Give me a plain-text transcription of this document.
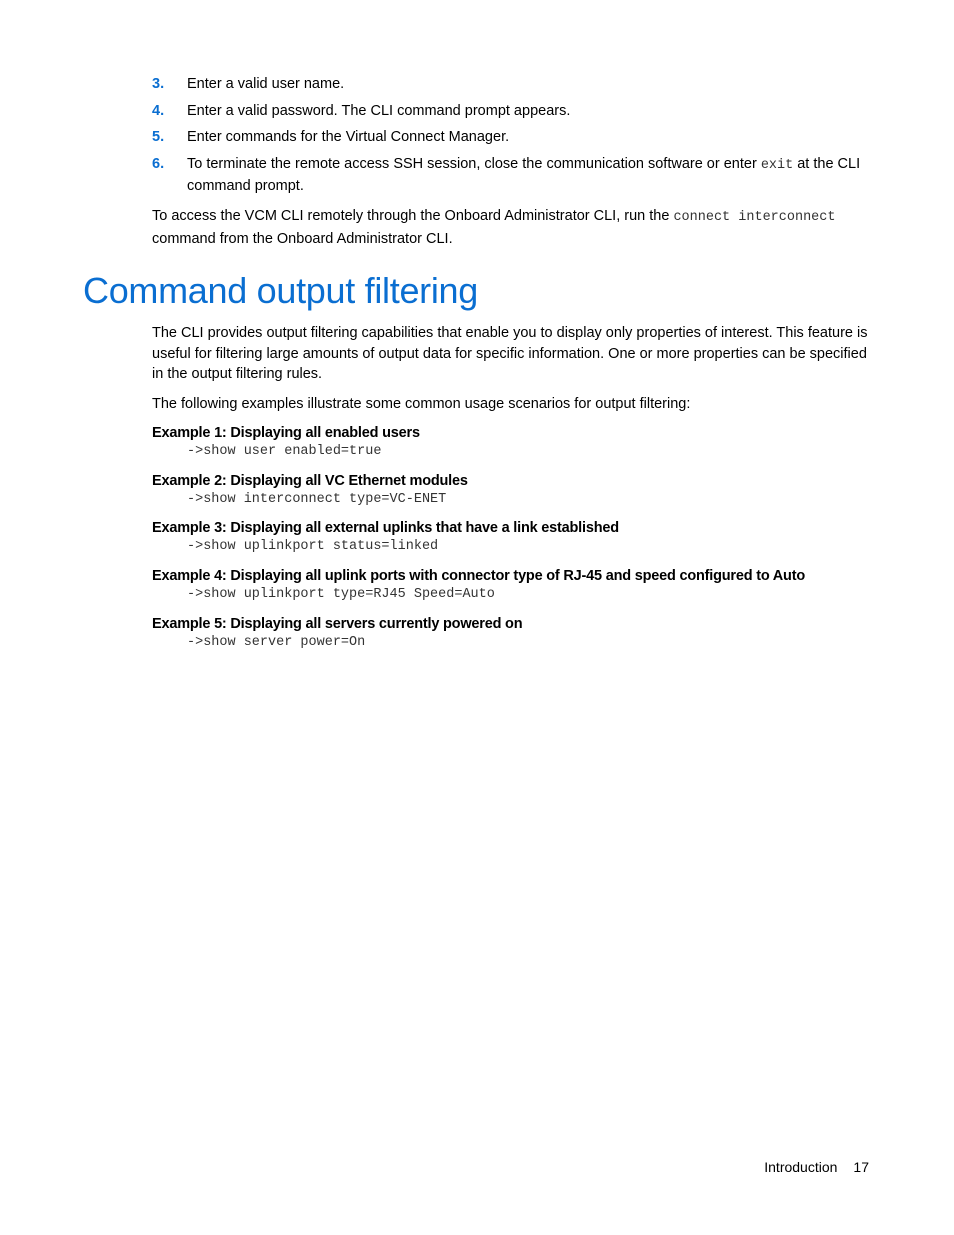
3.	Enter a valid user name.
4.	Enter a valid password. The CLI command prompt appears.
5.	Enter commands for the Virtual Connect Manager.
6.	To terminate the remote access SSH session, close the communication software or enter exit at the CLI command prompt.

To access the VCM CLI remotely through the Onboard Administrator CLI, run the connect interconnect command from the Onboard Administrator CLI.

Command output filtering

The CLI provides output filtering capabilities that enable you to display only properties of interest. This feature is useful for filtering large amounts of output data for specific information. One or more properties can be specified in the output filtering rules.

The following examples illustrate some common usage scenarios for output filtering:

Example 1: Displaying all enabled users
->show user enabled=true
Example 2: Displaying all VC Ethernet modules
->show interconnect type=VC-ENET
Example 3: Displaying all external uplinks that have a link established
->show uplinkport status=linked
Example 4: Displaying all uplink ports with connector type of RJ-45 and speed configured to Auto
->show uplinkport type=RJ45 Speed=Auto
Example 5: Displaying all servers currently powered on
->show server power=On
Introduction 17
